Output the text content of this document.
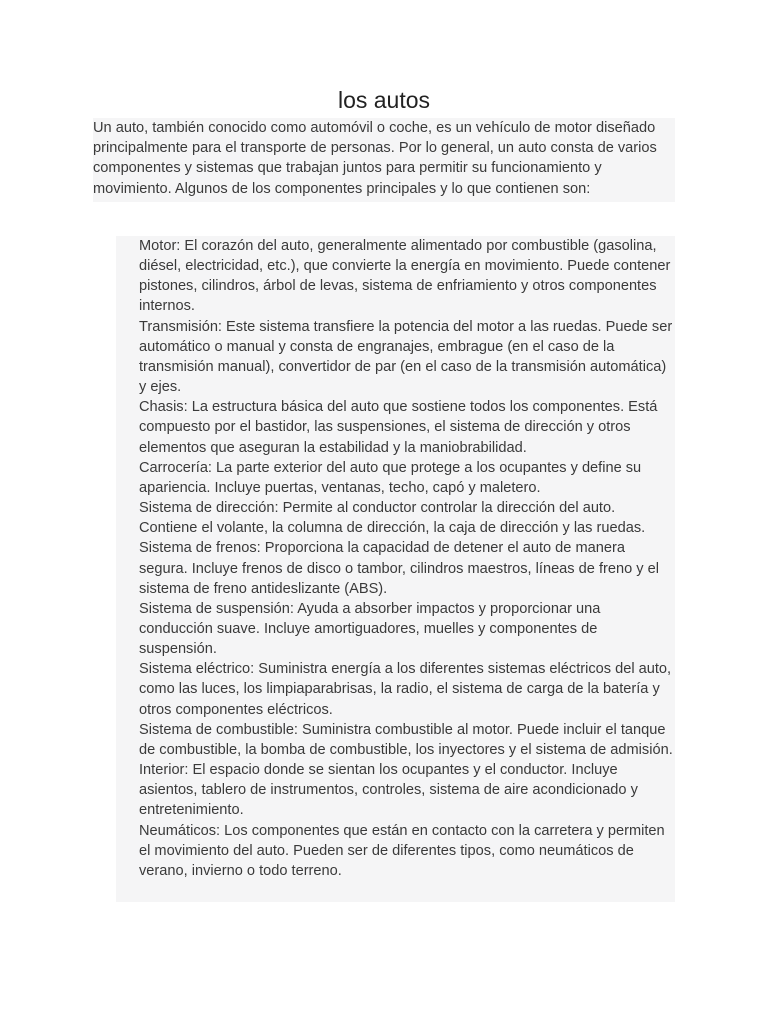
los autos

Un auto, también conocido como automóvil o coche, es un vehículo de motor diseñado principalmente para el transporte de personas. Por lo general, un auto consta de varios componentes y sistemas que trabajan juntos para permitir su funcionamiento y movimiento. Algunos de los componentes principales y lo que contienen son:

Motor: El corazón del auto, generalmente alimentado por combustible (gasolina, diésel, electricidad, etc.), que convierte la energía en movimiento. Puede contener pistones, cilindros, árbol de levas, sistema de enfriamiento y otros componentes internos.
Transmisión: Este sistema transfiere la potencia del motor a las ruedas. Puede ser automático o manual y consta de engranajes, embrague (en el caso de la transmisión manual), convertidor de par (en el caso de la transmisión automática) y ejes.
Chasis: La estructura básica del auto que sostiene todos los componentes. Está compuesto por el bastidor, las suspensiones, el sistema de dirección y otros elementos que aseguran la estabilidad y la maniobrabilidad.
Carrocería: La parte exterior del auto que protege a los ocupantes y define su apariencia. Incluye puertas, ventanas, techo, capó y maletero.
Sistema de dirección: Permite al conductor controlar la dirección del auto. Contiene el volante, la columna de dirección, la caja de dirección y las ruedas.
Sistema de frenos: Proporciona la capacidad de detener el auto de manera segura. Incluye frenos de disco o tambor, cilindros maestros, líneas de freno y el sistema de freno antideslizante (ABS).
Sistema de suspensión: Ayuda a absorber impactos y proporcionar una conducción suave. Incluye amortiguadores, muelles y componentes de suspensión.
Sistema eléctrico: Suministra energía a los diferentes sistemas eléctricos del auto, como las luces, los limpiaparabrisas, la radio, el sistema de carga de la batería y otros componentes eléctricos.
Sistema de combustible: Suministra combustible al motor. Puede incluir el tanque de combustible, la bomba de combustible, los inyectores y el sistema de admisión.
Interior: El espacio donde se sientan los ocupantes y el conductor. Incluye asientos, tablero de instrumentos, controles, sistema de aire acondicionado y entretenimiento.
Neumáticos: Los componentes que están en contacto con la carretera y permiten el movimiento del auto. Pueden ser de diferentes tipos, como neumáticos de verano, invierno o todo terreno.
